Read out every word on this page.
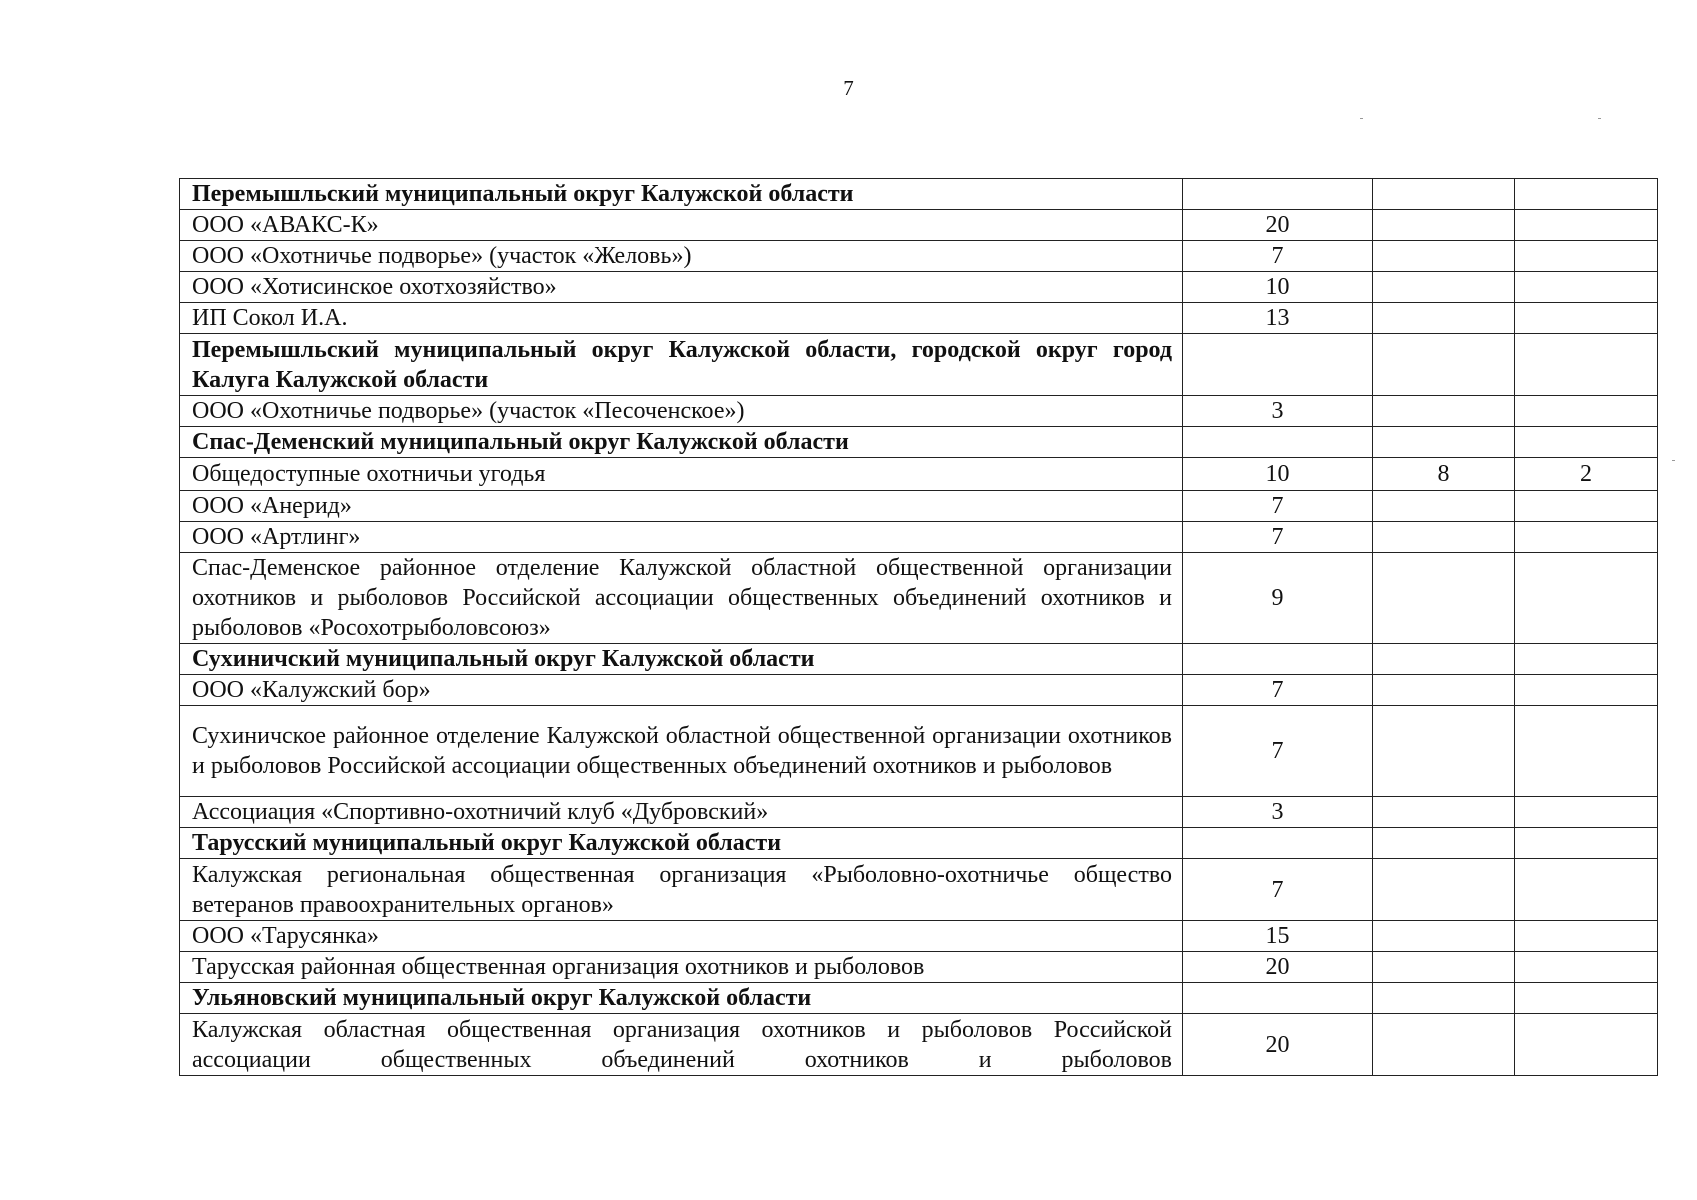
7
Перемышльский муниципальный округ Калужской области			
ООО «АВАКС-К»	20		
ООО «Охотничье подворье» (участок «Желовь»)	7		
ООО «Хотисинское охотхозяйство»	10		
ИП Сокол И.А.	13		
Перемышльский муниципальный округ Калужской области, городской округ город Калуга Калужской области			
ООО «Охотничье подворье» (участок «Песоченское»)	3		
Спас-Деменский муниципальный округ Калужской области			
Общедоступные охотничьи угодья	10	8	2
ООО «Анерид»	7		
ООО «Артлинг»	7		
Спас-Деменское районное отделение Калужской областной общественной организации охотников и рыболовов Российской ассоциации общественных объединений охотников и рыболовов «Росохотрыболовсоюз»	9		
Сухиничский муниципальный округ Калужской области			
ООО «Калужский бор»	7		
Сухиничское районное отделение Калужской областной общественной организации охотников и рыболовов Российской ассоциации общественных объединений охотников и рыболовов	7		
Ассоциация «Спортивно-охотничий клуб «Дубровский»	3		
Тарусский муниципальный округ Калужской области			
Калужская региональная общественная организация «Рыболовно-охотничье общество ветеранов правоохранительных органов»	7		
ООО «Тарусянка»	15		
Тарусская районная общественная организация охотников и рыболовов	20		
Ульяновский муниципальный округ Калужской области			
Калужская областная общественная организация охотников и рыболовов Российской ассоциации общественных объединений охотников и рыболовов	20		
